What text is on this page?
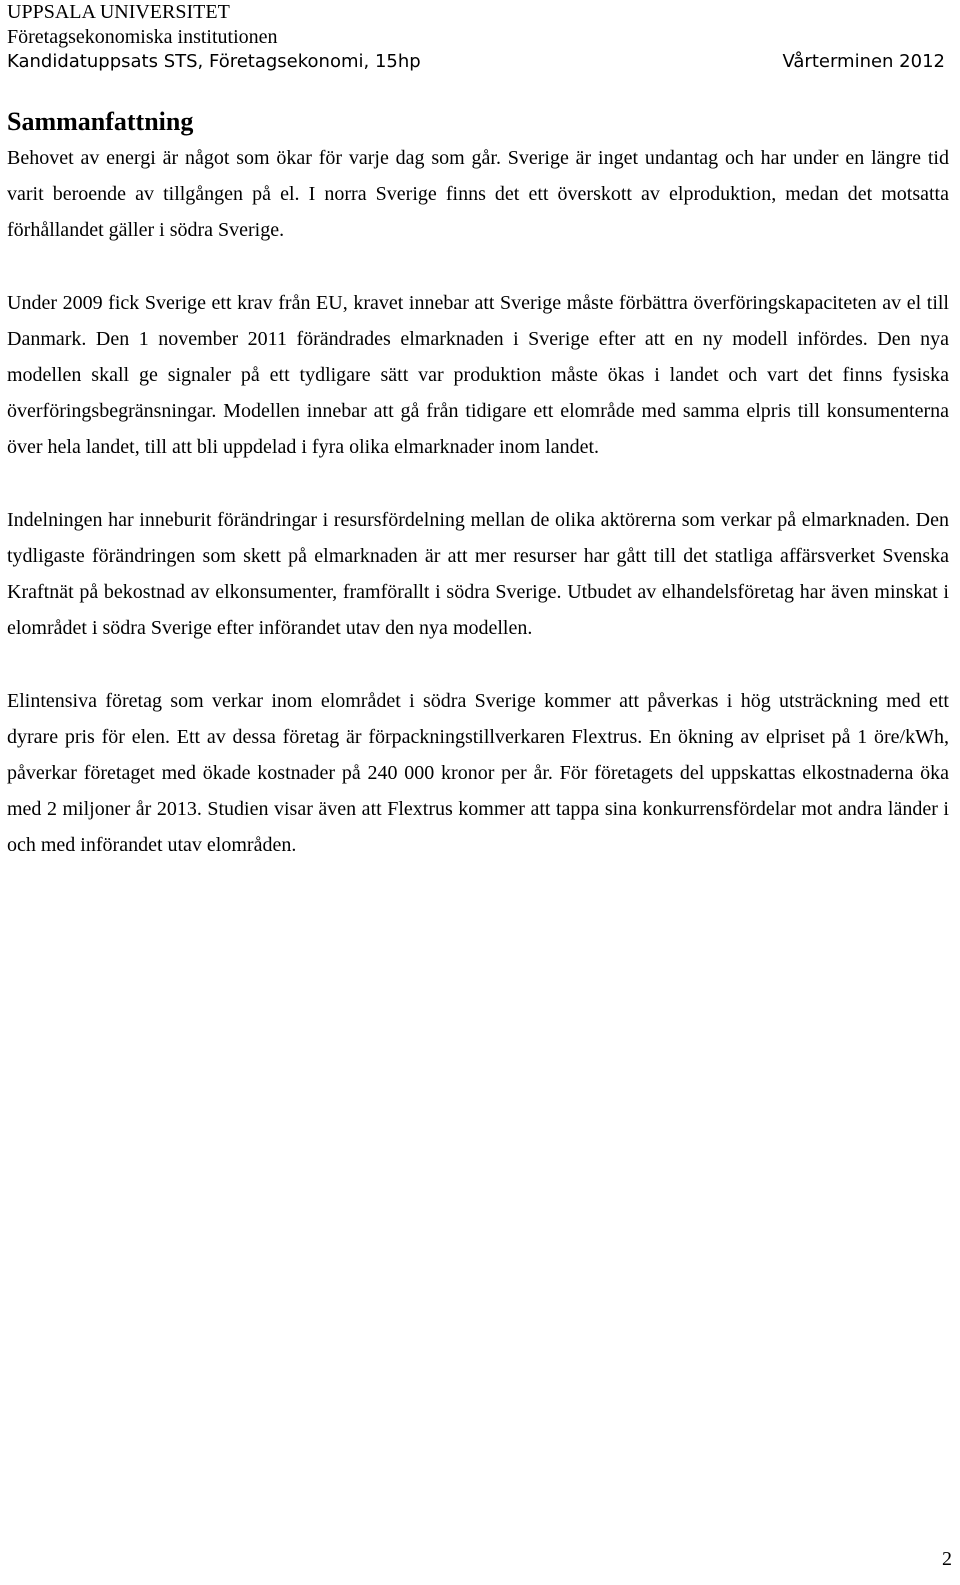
UPPSALA UNIVERSITET
Företagsekonomiska institutionen
Kandidatuppsats STS, Företagsekonomi, 15hp	Vårterminen 2012
Sammanfattning

Behovet av energi är något som ökar för varje dag som går. Sverige är inget undantag och har under en längre tid varit beroende av tillgången på el. I norra Sverige finns det ett överskott av elproduktion, medan det motsatta förhållandet gäller i södra Sverige.

Under 2009 fick Sverige ett krav från EU, kravet innebar att Sverige måste förbättra överföringskapaciteten av el till Danmark. Den 1 november 2011 förändrades elmarknaden i Sverige efter att en ny modell infördes. Den nya modellen skall ge signaler på ett tydligare sätt var produktion måste ökas i landet och vart det finns fysiska överföringsbegränsningar. Modellen innebar att gå från tidigare ett elområde med samma elpris till konsumenterna över hela landet, till att bli uppdelad i fyra olika elmarknader inom landet.

Indelningen har inneburit förändringar i resursfördelning mellan de olika aktörerna som verkar på elmarknaden. Den tydligaste förändringen som skett på elmarknaden är att mer resurser har gått till det statliga affärsverket Svenska Kraftnät på bekostnad av elkonsumenter, framförallt i södra Sverige. Utbudet av elhandelsföretag har även minskat i elområdet i södra Sverige efter införandet utav den nya modellen.

Elintensiva företag som verkar inom elområdet i södra Sverige kommer att påverkas i hög utsträckning med ett dyrare pris för elen. Ett av dessa företag är förpackningstillverkaren Flextrus. En ökning av elpriset på 1 öre/kWh, påverkar företaget med ökade kostnader på 240 000 kronor per år. För företagets del uppskattas elkostnaderna öka med 2 miljoner år 2013. Studien visar även att Flextrus kommer att tappa sina konkurrensfördelar mot andra länder i och med införandet utav elområden.

2
